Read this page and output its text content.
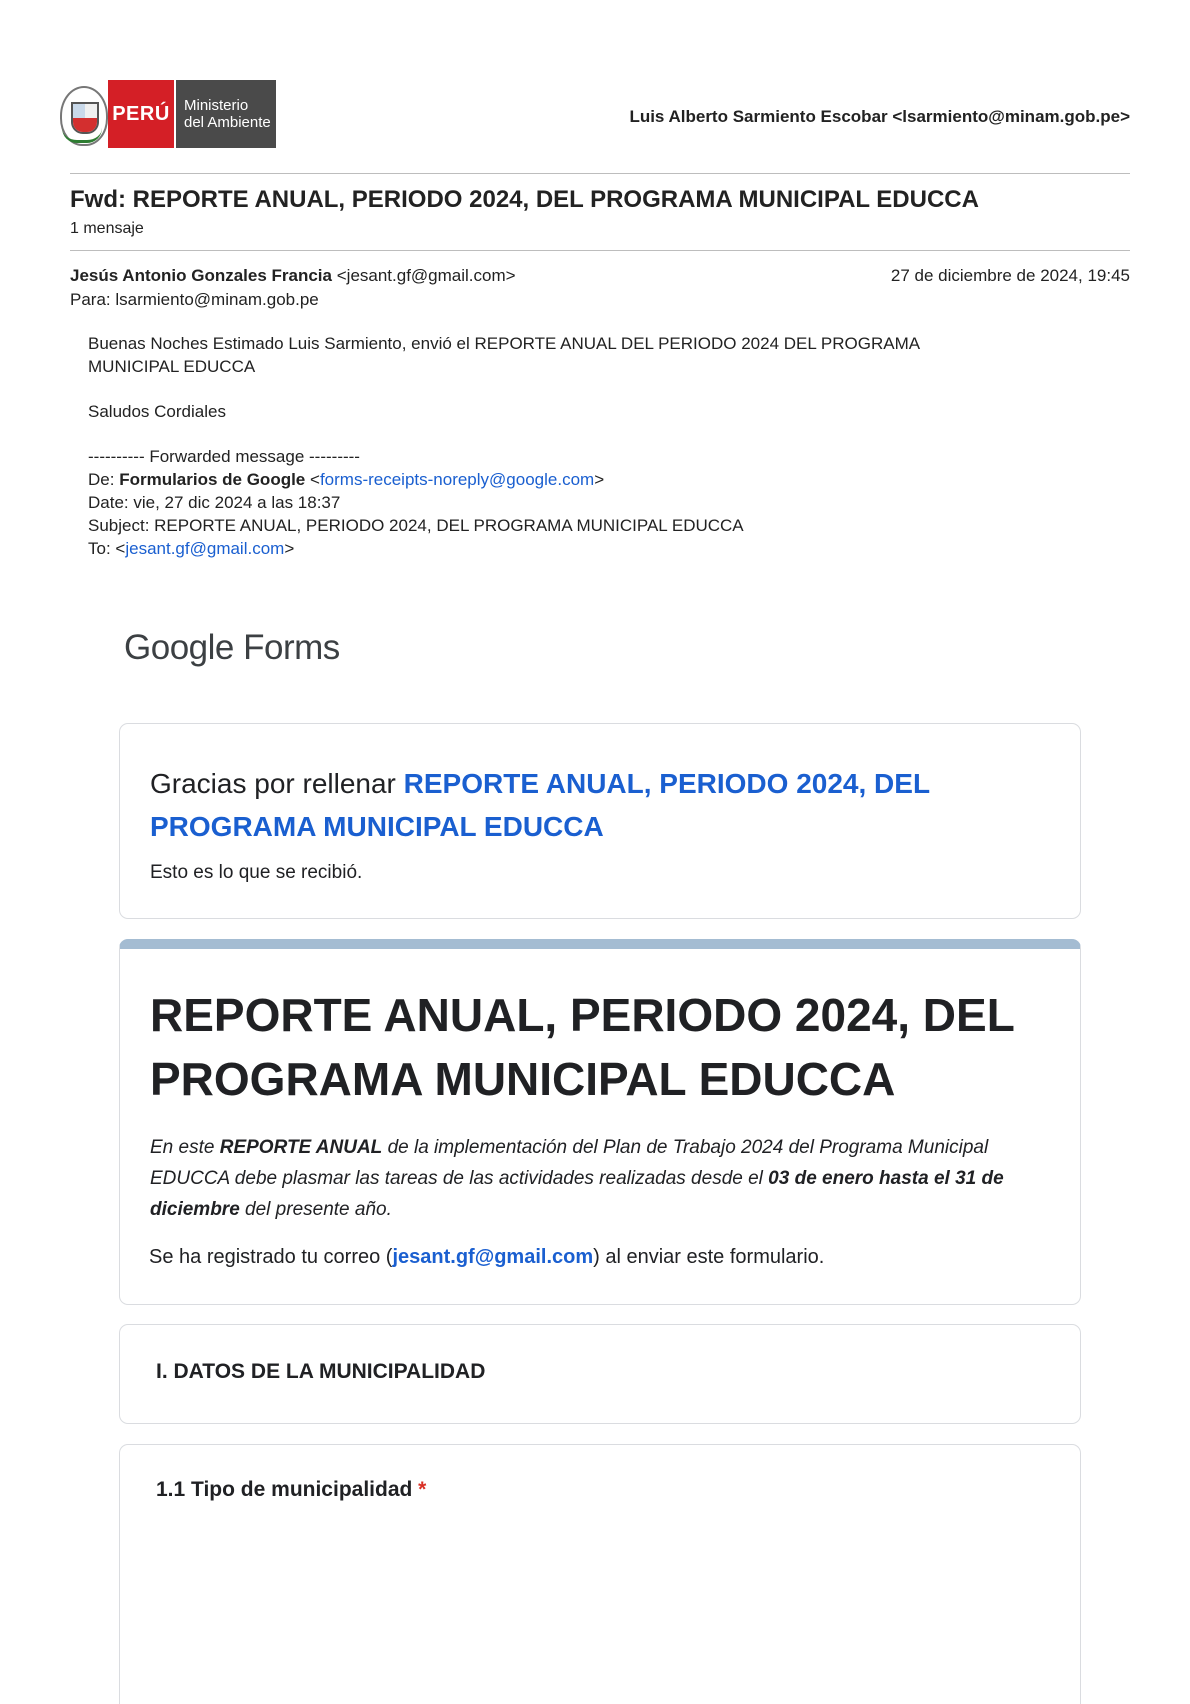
PERÚ Ministerio
del Ambiente	Luis Alberto Sarmiento Escobar <lsarmiento@minam.gob.pe>
Fwd: REPORTE ANUAL, PERIODO 2024, DEL PROGRAMA MUNICIPAL EDUCCA
1 mensaje
Jesús Antonio Gonzales Francia <jesant.gf@gmail.com>	27 de diciembre de 2024, 19:45
Para: lsarmiento@minam.gob.pe
Buenas Noches Estimado Luis Sarmiento, envió el REPORTE ANUAL DEL PERIODO 2024 DEL PROGRAMA
MUNICIPAL EDUCCA
Saludos Cordiales
---------- Forwarded message ---------
De: Formularios de Google <forms-receipts-noreply@google.com>
Date: vie, 27 dic 2024 a las 18:37
Subject: REPORTE ANUAL, PERIODO 2024, DEL PROGRAMA MUNICIPAL EDUCCA
To: <jesant.gf@gmail.com>
Google Forms
Gracias por rellenar REPORTE ANUAL, PERIODO 2024, DEL PROGRAMA MUNICIPAL EDUCCA
Esto es lo que se recibió.
REPORTE ANUAL, PERIODO 2024, DEL
PROGRAMA MUNICIPAL EDUCCA
En este REPORTE ANUAL de la implementación del Plan de Trabajo 2024 del Programa Municipal EDUCCA debe plasmar las tareas de las actividades realizadas desde el 03 de enero hasta el 31 de diciembre del presente año.
Se ha registrado tu correo (jesant.gf@gmail.com) al enviar este formulario.
I. DATOS DE LA MUNICIPALIDAD
1.1 Tipo de municipalidad *
